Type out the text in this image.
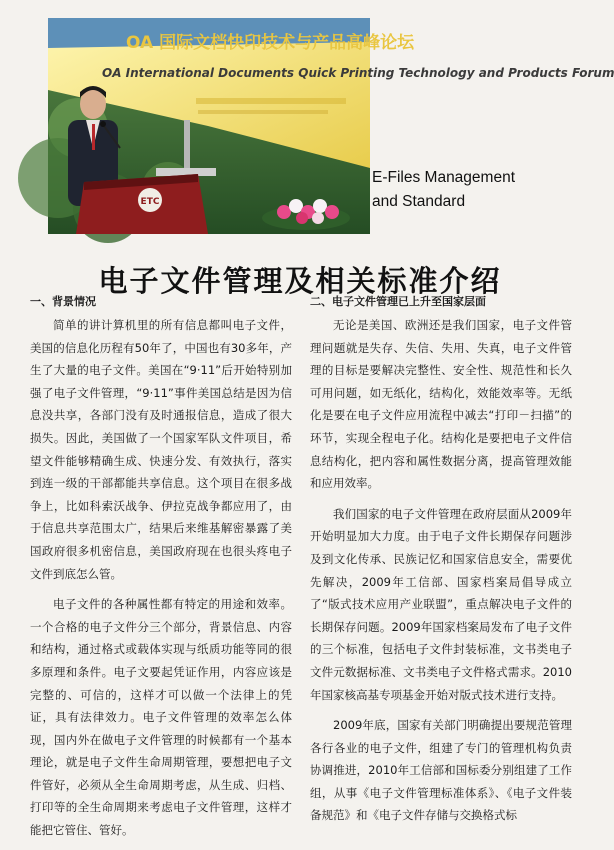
ETC
OA 国际文档快印技术与产品高峰论坛
OA International Documents Quick Printing Technology and Products Forum
E-Files Management
and Standard
电子文件管理及相关标准介绍
一、背景情况

简单的讲计算机里的所有信息都叫电子文件，美国的信息化历程有50年了，中国也有30多年，产生了大量的电子文件。美国在“9·11”后开始特别加强了电子文件管理，“9·11”事件美国总结是因为信息没共享，各部门没有及时通报信息，造成了很大损失。因此，美国做了一个国家军队文件项目，希望文件能够精确生成、快速分发、有效执行，落实到连一级的干部都能共享信息。这个项目在很多战争上，比如科索沃战争、伊拉克战争都应用了，由于信息共享范围太广，结果后来维基解密暴露了美国政府很多机密信息，美国政府现在也很头疼电子文件到底怎么管。

电子文件的各种属性都有特定的用途和效率。一个合格的电子文件分三个部分，背景信息、内容和结构，通过格式或载体实现与纸质功能等同的很多原理和条件。电子文要起凭证作用，内容应该是完整的、可信的，这样才可以做一个法律上的凭证，具有法律效力。电子文件管理的效率怎么体现，国内外在做电子文件管理的时候都有一个基本理论，就是电子文件生命周期管理，要想把电子文件管好，必须从全生命周期考虑，从生成、归档、打印等的全生命周期来考虑电子文件管理，这样才能把它管住、管好。

二、电子文件管理已上升至国家层面

无论是美国、欧洲还是我们国家，电子文件管理问题就是失存、失信、失用、失真，电子文件管理的目标是要解决完整性、安全性、规范性和长久可用问题，如无纸化，结构化，效能效率等。无纸化是要在电子文件应用流程中减去“打印－扫描”的环节，实现全程电子化。结构化是要把电子文件信息结构化，把内容和属性数据分离，提高管理效能和应用效率。

我们国家的电子文件管理在政府层面从2009年开始明显加大力度。由于电子文件长期保存问题涉及到文化传承、民族记忆和国家信息安全，需要优先解决，2009年工信部、国家档案局倡导成立了“版式技术应用产业联盟”，重点解决电子文件的长期保存问题。2009年国家档案局发布了电子文件的三个标准，包括电子文件封装标准，文书类电子文件元数据标准、文书类电子文件格式需求。2010年国家核高基专项基金开始对版式技术进行支持。

2009年底，国家有关部门明确提出要规范管理各行各业的电子文件，组建了专门的管理机构负责协调推进，2010年工信部和国标委分别组建了工作组，从事《电子文件管理标准体系》、《电子文件装备规范》和《电子文件存储与交换格式标
